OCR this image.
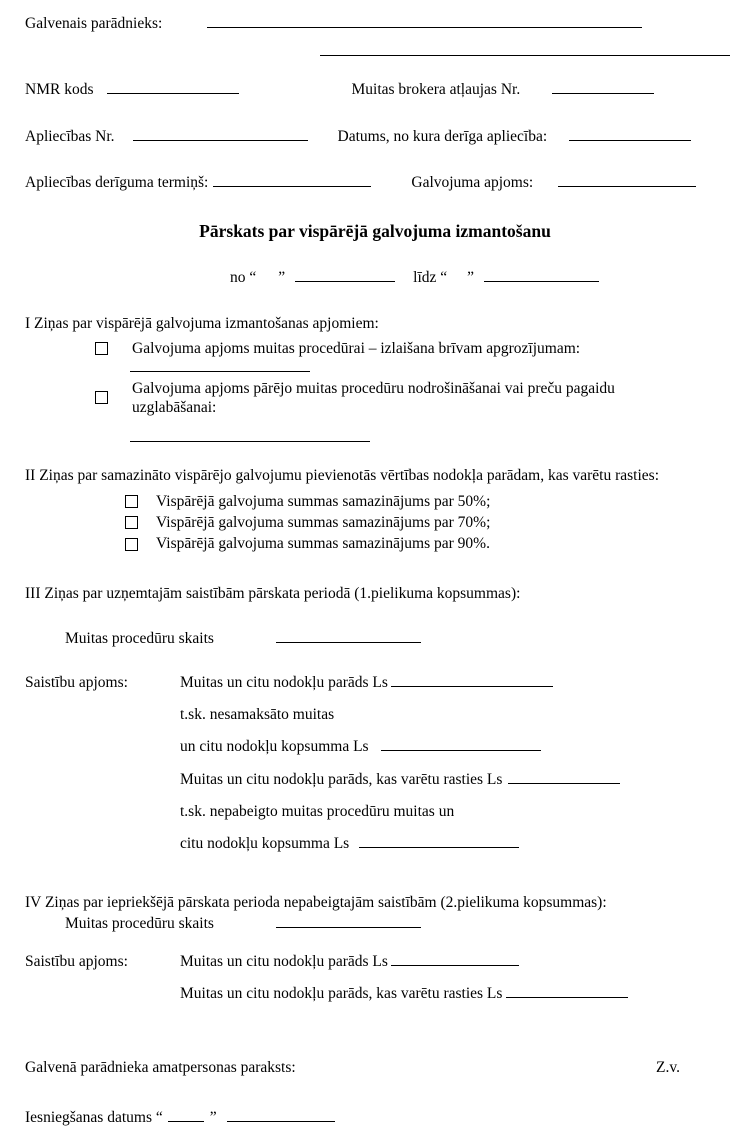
Galvenais parādnieks:
NMR kods	Muitas brokera atļaujas Nr.
Apliecības Nr.	Datums, no kura derīga apliecība:
Apliecības derīguma termiņš:	Galvojuma apjoms:
Pārskats par vispārējā galvojuma izmantošanu
no “ ”	līdz “ ”
I Ziņas par vispārējā galvojuma izmantošanas apjomiem:
Galvojuma apjoms muitas procedūrai – izlaišana brīvam apgrozījumam:
Galvojuma apjoms pārējo muitas procedūru nodrošināšanai vai preču pagaidu uzglabāšanai:
II Ziņas par samazināto vispārējo galvojumu pievienotās vērtības nodokļa parādam, kas varētu rasties:
Vispārējā galvojuma summas samazinājums par 50%;
Vispārējā galvojuma summas samazinājums par 70%;
Vispārējā galvojuma summas samazinājums par 90%.
III Ziņas par uzņemtajām saistībām pārskata periodā (1.pielikuma kopsummas):
Muitas procedūru skaits
Saistību apjoms:	Muitas un citu nodokļu parāds Ls
t.sk. nesamaksāto muitas
un citu nodokļu kopsumma Ls
Muitas un citu nodokļu parāds, kas varētu rasties Ls
t.sk. nepabeigto muitas procedūru muitas un
citu nodokļu kopsumma Ls
IV Ziņas par iepriekšējā pārskata perioda nepabeigtajām saistībām (2.pielikuma kopsummas):
Muitas procedūru skaits
Saistību apjoms:	Muitas un citu nodokļu parāds Ls
Muitas un citu nodokļu parāds, kas varētu rasties Ls
Galvenā parādnieka amatpersonas paraksts:	Z.v.
Iesniegšanas datums “	”
